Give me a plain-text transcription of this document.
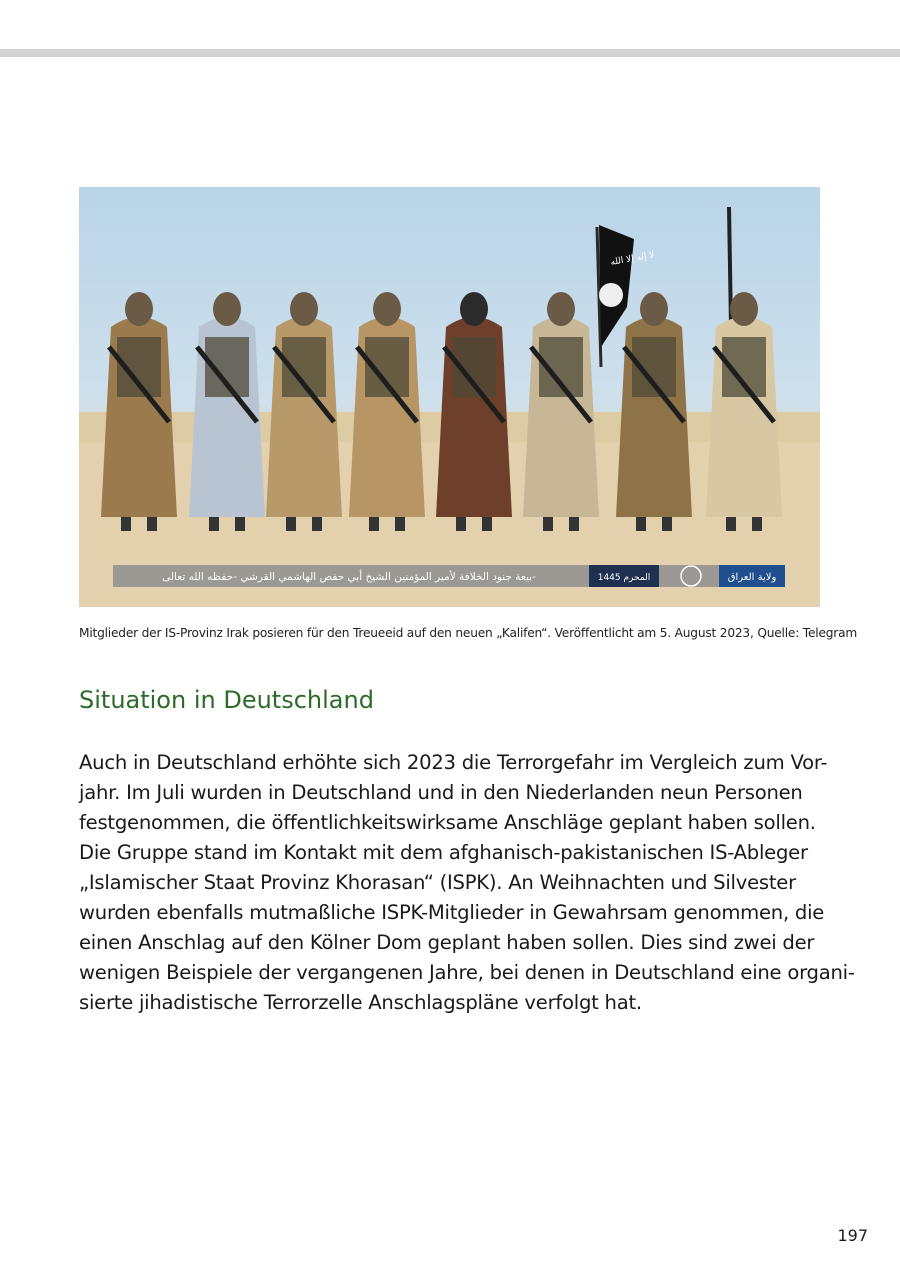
لا إله إلا الله
ولاية العراق
المحرم 1445
بيعة جنود الخلافة لأمير المؤمنين الشيخ أبي حفص الهاشمي القرشي -حفظه الله تعالى-
Mitglieder der IS-Provinz Irak posieren für den Treueeid auf den neuen „Kalifen“. Veröffentlicht am 5. August 2023, Quelle: Telegram
Situation in Deutschland

Auch in Deutschland erhöhte sich 2023 die Terrorgefahr im Vergleich zum Vor-
jahr. Im Juli wurden in Deutschland und in den Niederlanden neun Personen
festgenommen, die öffentlichkeitswirksame Anschläge geplant haben sollen.
Die Gruppe stand im Kontakt mit dem afghanisch-pakistanischen IS-Ableger
„Islamischer Staat Provinz Khorasan“ (ISPK). An Weihnachten und Silvester
wurden ebenfalls mutmaßliche ISPK-Mitglieder in Gewahrsam genommen, die
einen Anschlag auf den Kölner Dom geplant haben sollen. Dies sind zwei der
wenigen Beispiele der vergangenen Jahre, bei denen in Deutschland eine organi-
sierte jihadistische Terrorzelle Anschlagspläne verfolgt hat.

197
